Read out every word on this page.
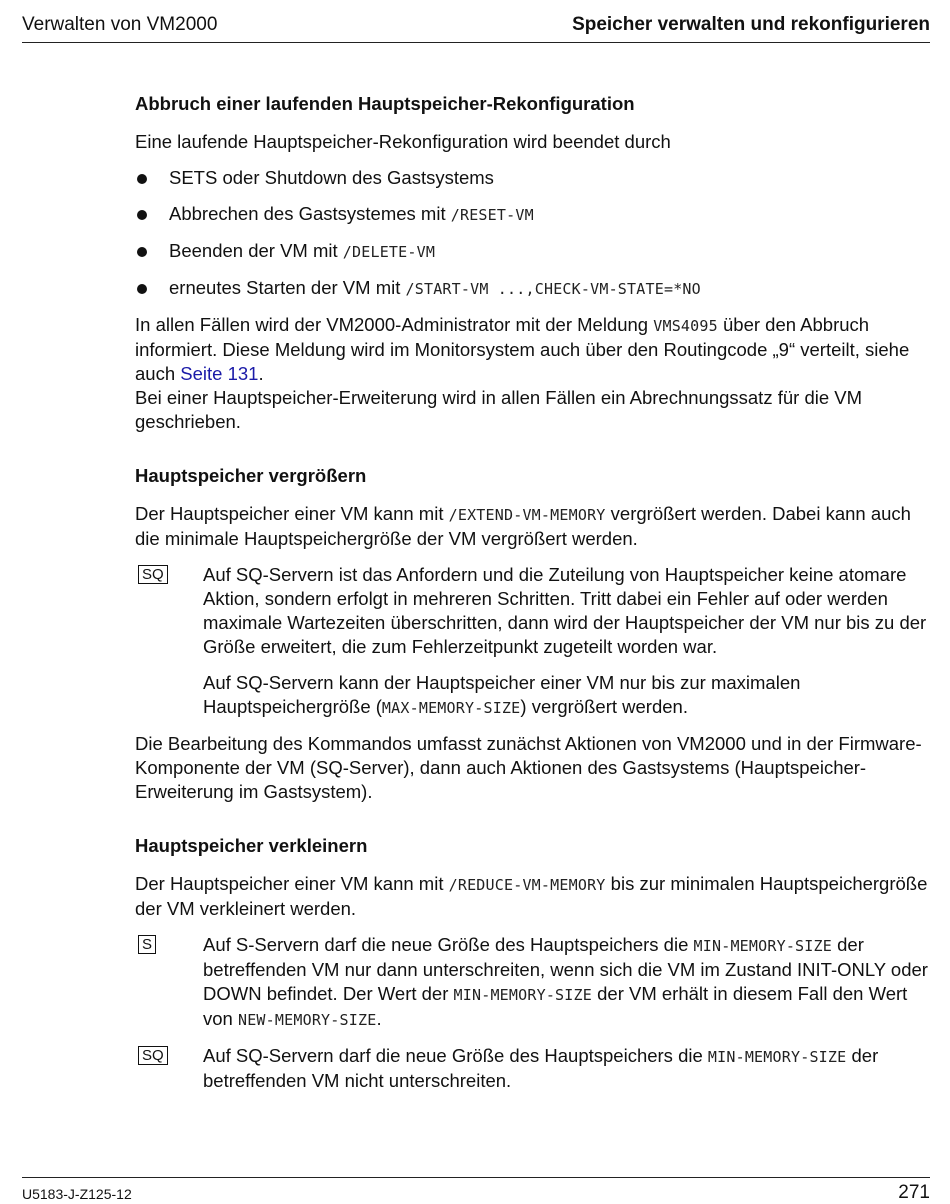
Verwalten von VM2000	Speicher verwalten und rekonfigurieren
Abbruch einer laufenden Hauptspeicher-Rekonfiguration

Eine laufende Hauptspeicher-Rekonfiguration wird beendet durch

SETS oder Shutdown des Gastsystems
Abbrechen des Gastsystemes mit /RESET-VM
Beenden der VM mit /DELETE-VM
erneutes Starten der VM mit /START-VM ...,CHECK-VM-STATE=*NO

In allen Fällen wird der VM2000-Administrator mit der Meldung VMS4095 über den Abbruch informiert. Diese Meldung wird im Monitorsystem auch über den Routingcode „9“ verteilt, siehe auch Seite 131.

Bei einer Hauptspeicher-Erweiterung wird in allen Fällen ein Abrechnungssatz für die VM geschrieben.

Hauptspeicher vergrößern

Der Hauptspeicher einer VM kann mit /EXTEND-VM-MEMORY vergrößert werden. Dabei kann auch die minimale Hauptspeichergröße der VM vergrößert werden.

SQ Auf SQ-Servern ist das Anfordern und die Zuteilung von Hauptspeicher keine atomare Aktion, sondern erfolgt in mehreren Schritten. Tritt dabei ein Fehler auf oder werden maximale Wartezeiten überschritten, dann wird der Hauptspeicher der VM nur bis zu der Größe erweitert, die zum Fehlerzeitpunkt zugeteilt worden war.

Auf SQ-Servern kann der Hauptspeicher einer VM nur bis zur maximalen Hauptspeichergröße (MAX-MEMORY-SIZE) vergrößert werden.

Die Bearbeitung des Kommandos umfasst zunächst Aktionen von VM2000 und in der Firmware-Komponente der VM (SQ-Server), dann auch Aktionen des Gastsystems (Hauptspeicher-Erweiterung im Gastsystem).

Hauptspeicher verkleinern

Der Hauptspeicher einer VM kann mit /REDUCE-VM-MEMORY bis zur minimalen Hauptspeichergröße der VM verkleinert werden.

S	Auf S-Servern darf die neue Größe des Hauptspeichers die MIN-MEMORY-SIZE der betreffenden VM nur dann unterschreiten, wenn sich die VM im Zustand INIT-ONLY oder DOWN befindet. Der Wert der MIN-MEMORY-SIZE der VM erhält in diesem Fall den Wert von NEW-MEMORY-SIZE.

SQ Auf SQ-Servern darf die neue Größe des Hauptspeichers die MIN-MEMORY-SIZE der betreffenden VM nicht unterschreiten.

U5183-J-Z125-12	271
